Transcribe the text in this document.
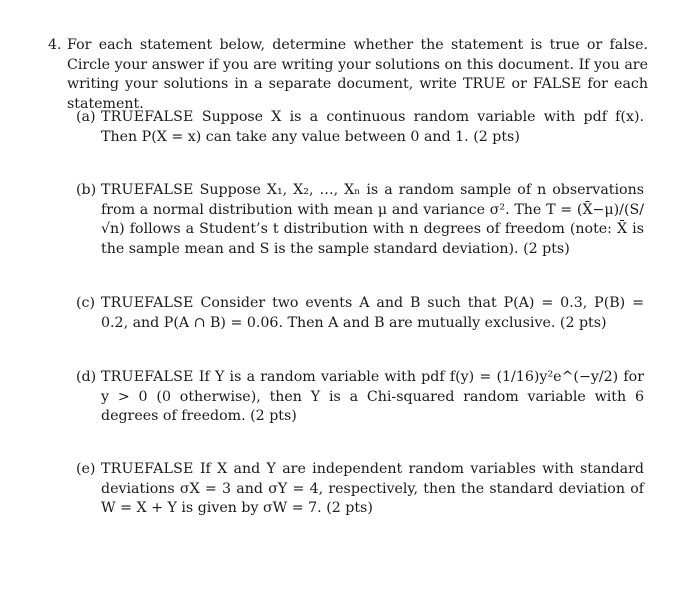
4. For each statement below, determine whether the statement is true or false. Circle your answer if you are writing your solutions on this document. If you are writing your solutions in a separate document, write TRUE or FALSE for each statement.
(a) TRUEFALSE Suppose X is a continuous random variable with pdf f(x). Then P(X = x) can take any value between 0 and 1. (2 pts)
(b) TRUEFALSE Suppose X₁, X₂, …, Xₙ is a random sample of n observations from a normal distribution with mean μ and variance σ². The T = (X̄−μ)/(S/√n) follows a Student’s t distribution with n degrees of freedom (note: X̄ is the sample mean and S is the sample standard deviation). (2 pts)
(c) TRUEFALSE Consider two events A and B such that P(A) = 0.3, P(B) = 0.2, and P(A ∩ B) = 0.06. Then A and B are mutually exclusive. (2 pts)
(d) TRUEFALSE If Y is a random variable with pdf f(y) = (1/16)y²e^(−y/2) for y > 0 (0 otherwise), then Y is a Chi-squared random variable with 6 degrees of freedom. (2 pts)
(e) TRUEFALSE If X and Y are independent random variables with standard deviations σX = 3 and σY = 4, respectively, then the standard deviation of W = X + Y is given by σW = 7. (2 pts)
